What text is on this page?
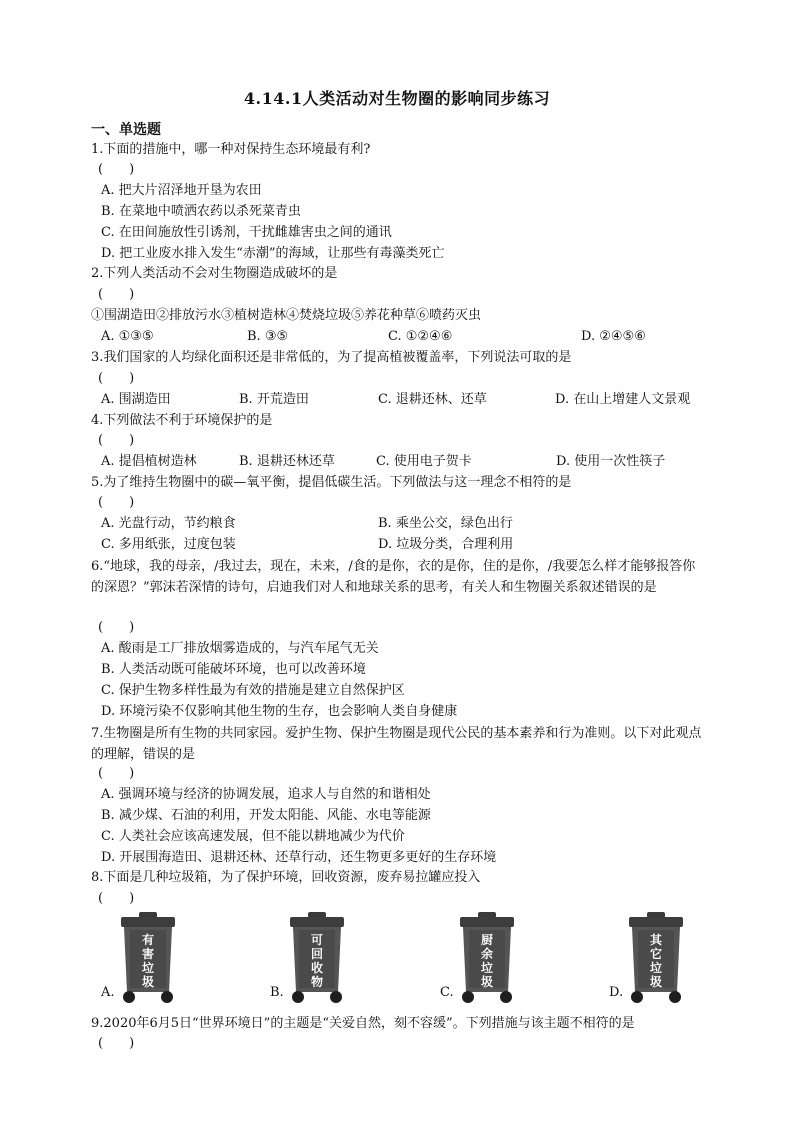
4.14.1人类活动对生物圈的影响同步练习
一、单选题
1.下面的措施中，哪一种对保持生态环境最有利?
(　　)
A. 把大片沼泽地开垦为农田
B. 在菜地中喷洒农药以杀死菜青虫
C. 在田间施放性引诱剂，干扰雌雄害虫之间的通讯
D. 把工业废水排入发生“赤潮”的海域，让那些有毒藻类死亡
2.下列人类活动不会对生物圈造成破坏的是
(　　)
①围湖造田②排放污水③植树造林④焚烧垃圾⑤养花种草⑥喷药灭虫
A. ①③⑤	B. ③⑤	C. ①②④⑥	D. ②④⑤⑥
3.我们国家的人均绿化面积还是非常低的，为了提高植被覆盖率，下列说法可取的是
(　　)
A. 围湖造田	B. 开荒造田	C. 退耕还林、还草	D. 在山上增建人文景观
4.下列做法不利于环境保护的是
(　　)
A. 提倡植树造林	B. 退耕还林还草	C. 使用电子贺卡	D. 使用一次性筷子
5.为了维持生物圈中的碳—氧平衡，提倡低碳生活。下列做法与这一理念不相符的是
(　　)
A. 光盘行动，节约粮食	B. 乘坐公交，绿色出行
C. 多用纸张，过度包装	D. 垃圾分类，合理利用
6.“地球，我的母亲，/我过去，现在，未来，/食的是你，衣的是你，住的是你，/我要怎么样才能够报答你的深恩？”郭沫若深情的诗句，启迪我们对人和地球关系的思考，有关人和生物圈关系叙述错误的是
(　　)
A. 酸雨是工厂排放烟雾造成的，与汽车尾气无关
B. 人类活动既可能破坏环境，也可以改善环境
C. 保护生物多样性最为有效的措施是建立自然保护区
D. 环境污染不仅影响其他生物的生存，也会影响人类自身健康
7.生物圈是所有生物的共同家园。爱护生物、保护生物圈是现代公民的基本素养和行为准则。以下对此观点的理解，错误的是
(　　)
A. 强调环境与经济的协调发展，追求人与自然的和谐相处
B. 减少煤、石油的利用，开发太阳能、风能、水电等能源
C. 人类社会应该高速发展，但不能以耕地减少为代价
D. 开展围海造田、退耕还林、还草行动，还生物更多更好的生存环境
8.下面是几种垃圾箱，为了保护环境，回收资源，废弃易拉罐应投入
(　　)
A.
有
害
垃
圾
B.
可
回
收
物
C.
厨
余
垃
圾
D.
其
它
垃
圾
9.2020年6月5日“世界环境日”的主题是“关爱自然，刻不容缓”。下列措施与该主题不相符的是
(　　)
